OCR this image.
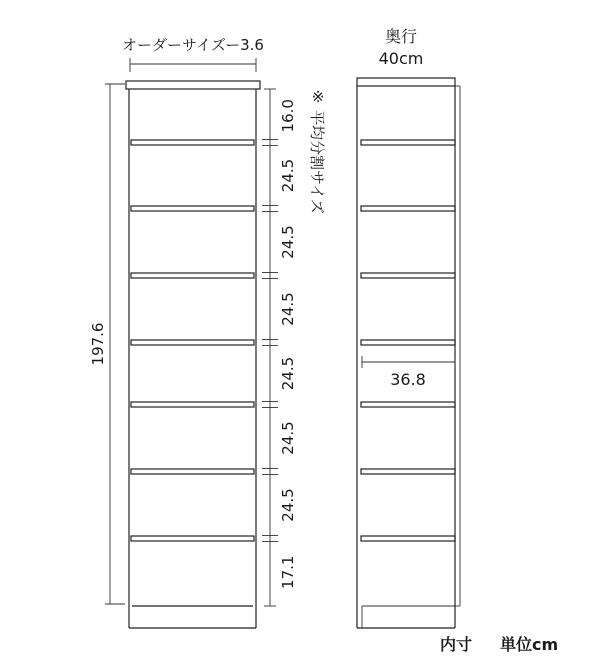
オーダーサイズー3.6
197.6
16.0
24.5
24.5
24.5
24.5
24.5
24.5
17.1
※
平均分割サイズ
奥行
40cm
36.8
内寸 単位cm
